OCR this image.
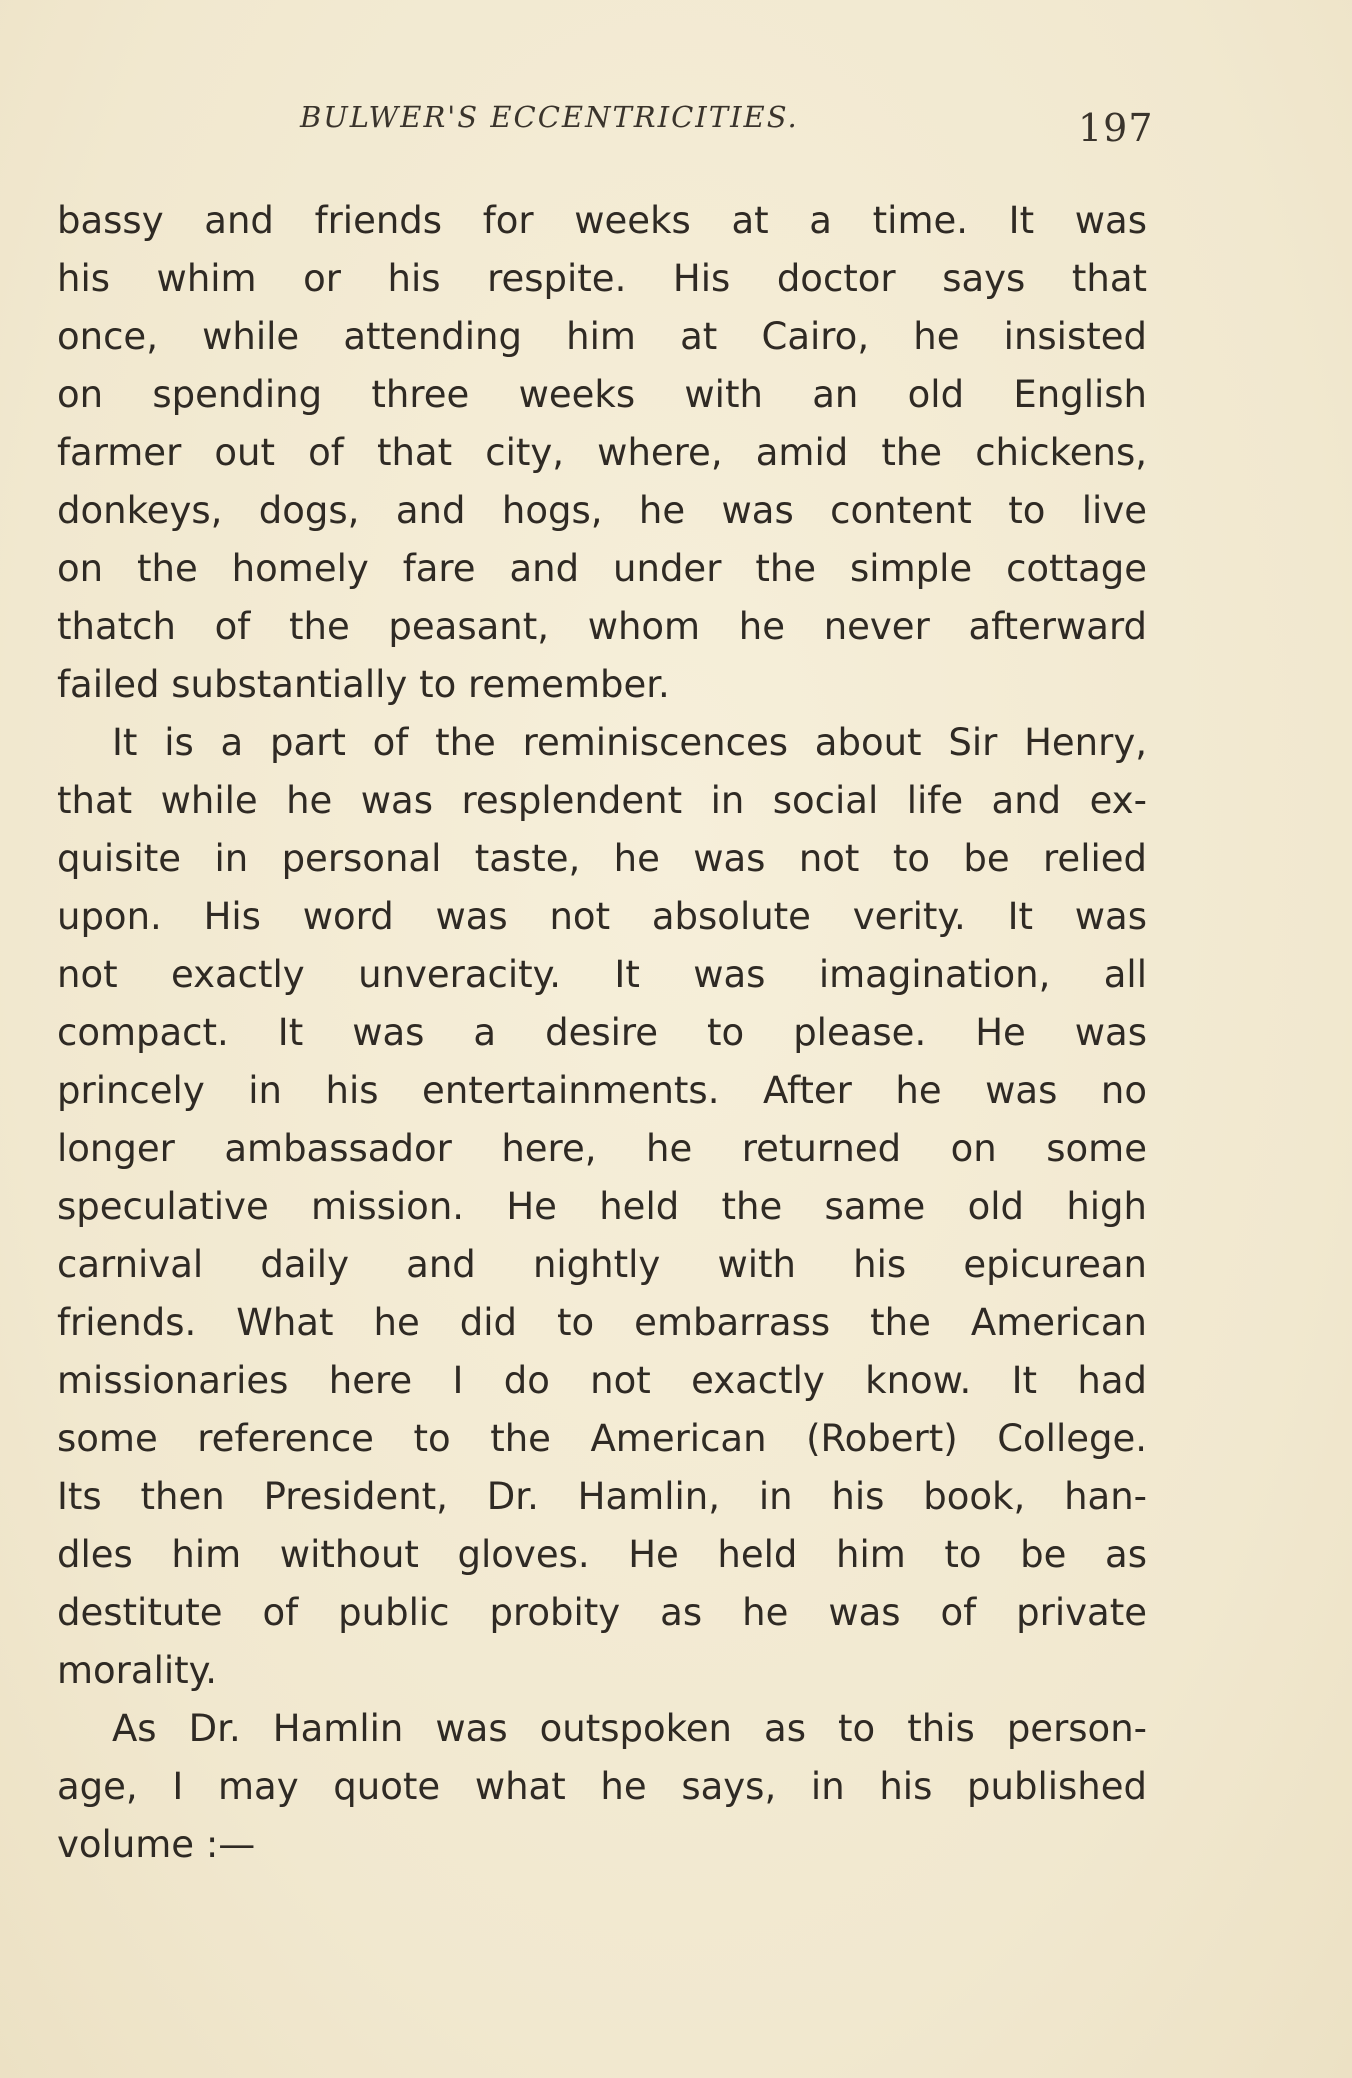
BULWER'S ECCENTRICITIES.	197
bassy and friends for weeks at a time. It was
his whim or his respite. His doctor says that
once, while attending him at Cairo, he insisted
on spending three weeks with an old English
farmer out of that city, where, amid the chickens,
donkeys, dogs, and hogs, he was content to live
on the homely fare and under the simple cottage
thatch of the peasant, whom he never afterward
failed substantially to remember.
It is a part of the reminiscences about Sir Henry,
that while he was resplendent in social life and ex-
quisite in personal taste, he was not to be relied
upon. His word was not absolute verity. It was
not exactly unveracity. It was imagination, all
compact. It was a desire to please. He was
princely in his entertainments. After he was no
longer ambassador here, he returned on some
speculative mission. He held the same old high
carnival daily and nightly with his epicurean
friends. What he did to embarrass the American
missionaries here I do not exactly know. It had
some reference to the American (Robert) College.
Its then President, Dr. Hamlin, in his book, han-
dles him without gloves. He held him to be as
destitute of public probity as he was of private
morality.
As Dr. Hamlin was outspoken as to this person-
age, I may quote what he says, in his published
volume :—
